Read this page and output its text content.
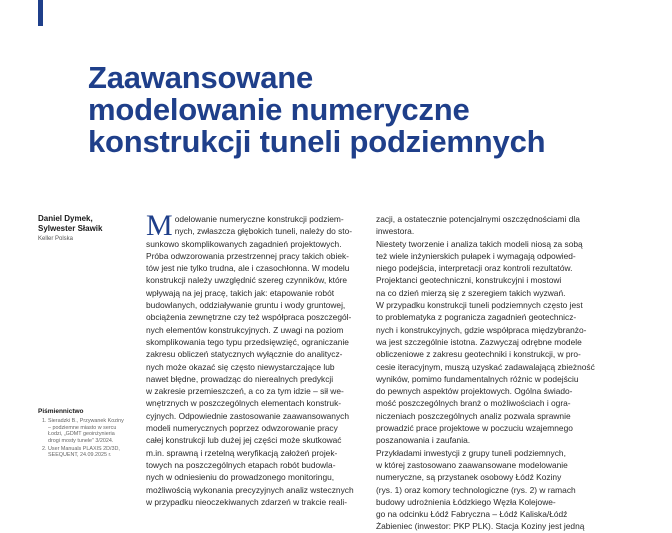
Zaawansowane
modelowanie numeryczne
konstrukcji tuneli podziemnych
Daniel Dymek,
Sylwester Sławik
Keller Polska
Piśmiennictwo
1. Sieradzki B., Przywanek Koziny – podziemne miasto w sercu Łodzi, „GDMT geoinżynieria drogi mosty tunele” 3/2024.
2. User Manuals PLAXIS 2D/3D, SEEQUENT, 24.09.2025 r.
M odelowanie numeryczne konstrukcji podziem-
nych, zwłaszcza głębokich tuneli, należy do sto-
sunkowo skomplikowanych zagadnień projektowych.
Próba odwzorowania przestrzennej pracy takich obiek-
tów jest nie tylko trudna, ale i czasochłonna. W modelu
konstrukcji należy uwzględnić szereg czynników, które
wpływają na jej pracę, takich jak: etapowanie robót
budowlanych, oddziaływanie gruntu i wody gruntowej,
obciążenia zewnętrzne czy też współpraca poszczegól-
nych elementów konstrukcyjnych. Z uwagi na poziom
skomplikowania tego typu przedsięwzięć, ograniczanie
zakresu obliczeń statycznych wyłącznie do analitycz-
nych może okazać się często niewystarczające lub
nawet błędne, prowadząc do nierealnych predykcji
w zakresie przemieszczeń, a co za tym idzie – sił we-
wnętrznych w poszczególnych elementach konstruk-
cyjnych. Odpowiednie zastosowanie zaawansowanych
modeli numerycznych poprzez odwzorowanie pracy
całej konstrukcji lub dużej jej części może skutkować
m.in. sprawną i rzetelną weryfikacją założeń projek-
towych na poszczególnych etapach robót budowla-
nych w odniesieniu do prowadzonego monitoringu,
możliwością wykonania precyzyjnych analiz wstecznych
w przypadku nieoczekiwanych zdarzeń w trakcie reali-
zacji, a ostatecznie potencjalnymi oszczędnościami dla
inwestora.
Niestety tworzenie i analiza takich modeli niosą za sobą
też wiele inżynierskich pułapek i wymagają odpowied-
niego podejścia, interpretacji oraz kontroli rezultatów.
Projektanci geotechniczni, konstrukcyjni i mostowi
na co dzień mierzą się z szeregiem takich wyzwań.
W przypadku konstrukcji tuneli podziemnych często jest
to problematyka z pogranicza zagadnień geotechnicz-
nych i konstrukcyjnych, gdzie współpraca międzybranżo-
wa jest szczególnie istotna. Zazwyczaj odrębne modele
obliczeniowe z zakresu geotechniki i konstrukcji, w pro-
cesie iteracyjnym, muszą uzyskać zadawalającą zbieżność
wyników, pomimo fundamentalnych różnic w podejściu
do pewnych aspektów projektowych. Ogólna świado-
mość poszczególnych branż o możliwościach i ogra-
niczeniach poszczególnych analiz pozwala sprawnie
prowadzić prace projektowe w poczuciu wzajemnego
poszanowania i zaufania.
Przykładami inwestycji z grupy tuneli podziemnych,
w której zastosowano zaawansowane modelowanie
numeryczne, są przystanek osobowy Łódź Koziny
(rys. 1) oraz komory technologiczne (rys. 2) w ramach
budowy udrożnienia Łódzkiego Węzła Kolejowe-
go na odcinku Łódź Fabryczna – Łódź Kaliska/Łódź
Żabieniec (inwestor: PKP PLK). Stacja Koziny jest jedną
